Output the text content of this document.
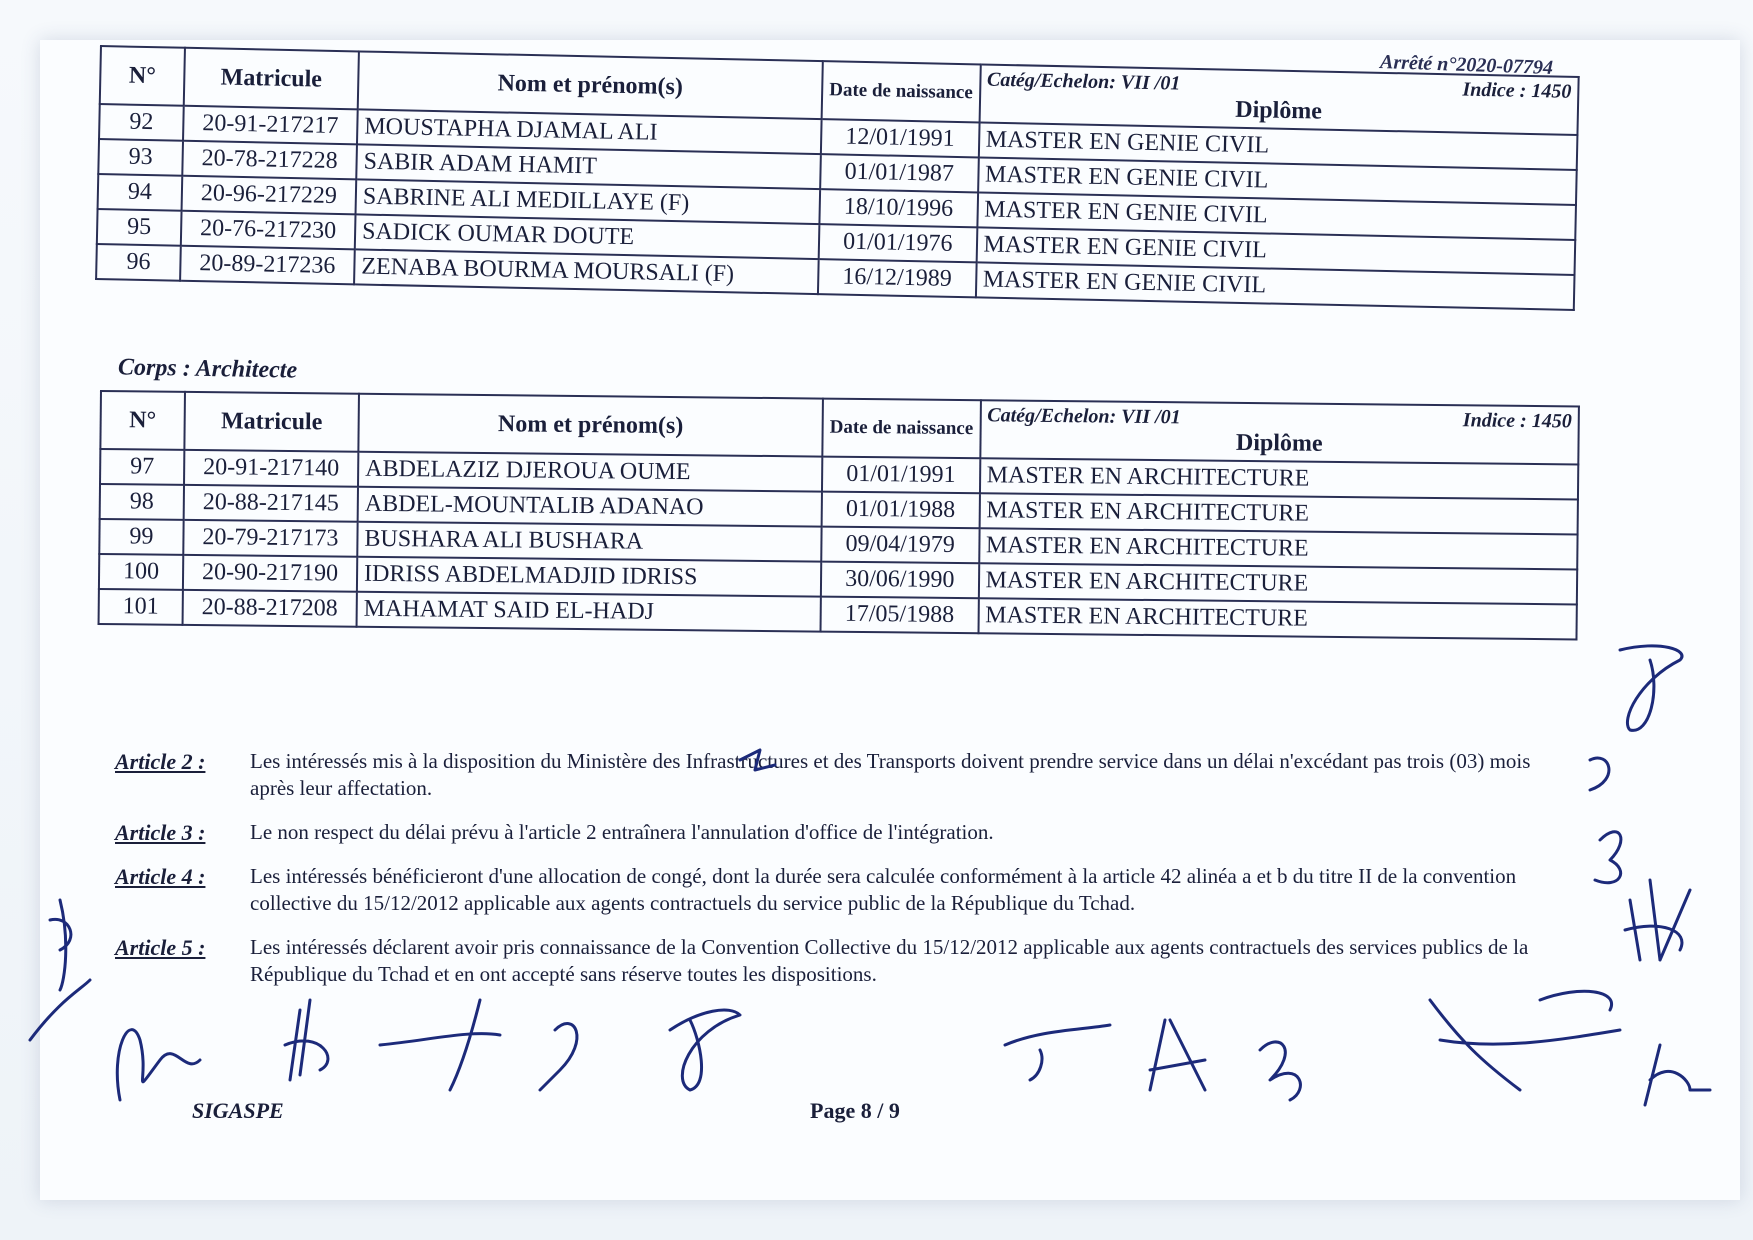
Arrêté n°2020-07794
N°	Matricule	Nom et prénom(s)	Date de naissance	Catég/Echelon: VII /01 Indice : 1450
Diplôme

92	20-91-217217	MOUSTAPHA DJAMAL ALI	12/01/1991	MASTER EN GENIE CIVIL
93	20-78-217228	SABIR ADAM HAMIT	01/01/1987	MASTER EN GENIE CIVIL
94	20-96-217229	SABRINE ALI MEDILLAYE (F)	18/10/1996	MASTER EN GENIE CIVIL
95	20-76-217230	SADICK OUMAR DOUTE	01/01/1976	MASTER EN GENIE CIVIL
96	20-89-217236	ZENABA BOURMA MOURSALI (F)	16/12/1989	MASTER EN GENIE CIVIL
Corps : Architecte
N°	Matricule	Nom et prénom(s)	Date de naissance	Catég/Echelon: VII /01 Indice : 1450
Diplôme

97	20-91-217140	ABDELAZIZ DJEROUA OUME	01/01/1991	MASTER EN ARCHITECTURE
98	20-88-217145	ABDEL-MOUNTALIB ADANAO	01/01/1988	MASTER EN ARCHITECTURE
99	20-79-217173	BUSHARA ALI BUSHARA	09/04/1979	MASTER EN ARCHITECTURE
100	20-90-217190	IDRISS ABDELMADJID IDRISS	30/06/1990	MASTER EN ARCHITECTURE
101	20-88-217208	MAHAMAT SAID EL-HADJ	17/05/1988	MASTER EN ARCHITECTURE
Article 2 :	Les intéressés mis à la disposition du Ministère des Infrastructures et des Transports doivent prendre service dans un délai n'excédant pas trois (03) mois après leur affectation.
Article 3 :	Le non respect du délai prévu à l'article 2 entraînera l'annulation d'office de l'intégration.
Article 4 :	Les intéressés bénéficieront d'une allocation de congé, dont la durée sera calculée conformément à la article 42 alinéa a et b du titre II de la convention collective du 15/12/2012 applicable aux agents contractuels du service public de la République du Tchad.
Article 5 :	Les intéressés déclarent avoir pris connaissance de la Convention Collective du 15/12/2012 applicable aux agents contractuels des services publics de la République du Tchad et en ont accepté sans réserve toutes les dispositions.
SIGASPE	Page 8 / 9
